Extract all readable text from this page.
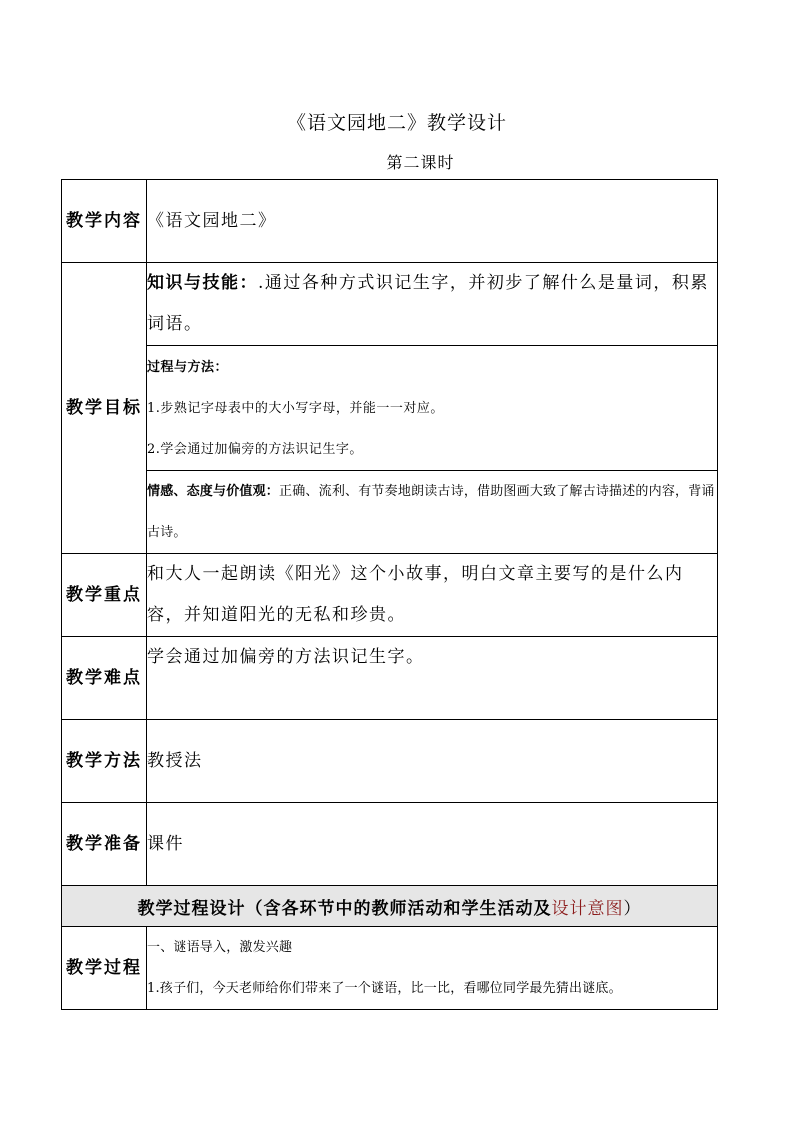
《语文园地二》教学设计
第二课时
教学内容	《语文园地二》
教学目标	知识与技能：.通过各种方式识记生字，并初步了解什么是量词，积累词语。

	过程与方法：
1.步熟记字母表中的大小写字母，并能一一对应。
2.学会通过加偏旁的方法识记生字。

	情感、态度与价值观：正确、流利、有节奏地朗读古诗，借助图画大致了解古诗描述的内容，背诵古诗。
教学重点	和大人一起朗读《阳光》这个小故事，明白文章主要写的是什么内容，并知道阳光的无私和珍贵。
教学难点	学会通过加偏旁的方法识记生字。
教学方法	教授法
教学准备	课件
教学过程设计（含各环节中的教师活动和学生活动及设计意图）	
教学过程	一、谜语导入，激发兴趣
1.孩子们，今天老师给你们带来了一个谜语，比一比，看哪位同学最先猜出谜底。
